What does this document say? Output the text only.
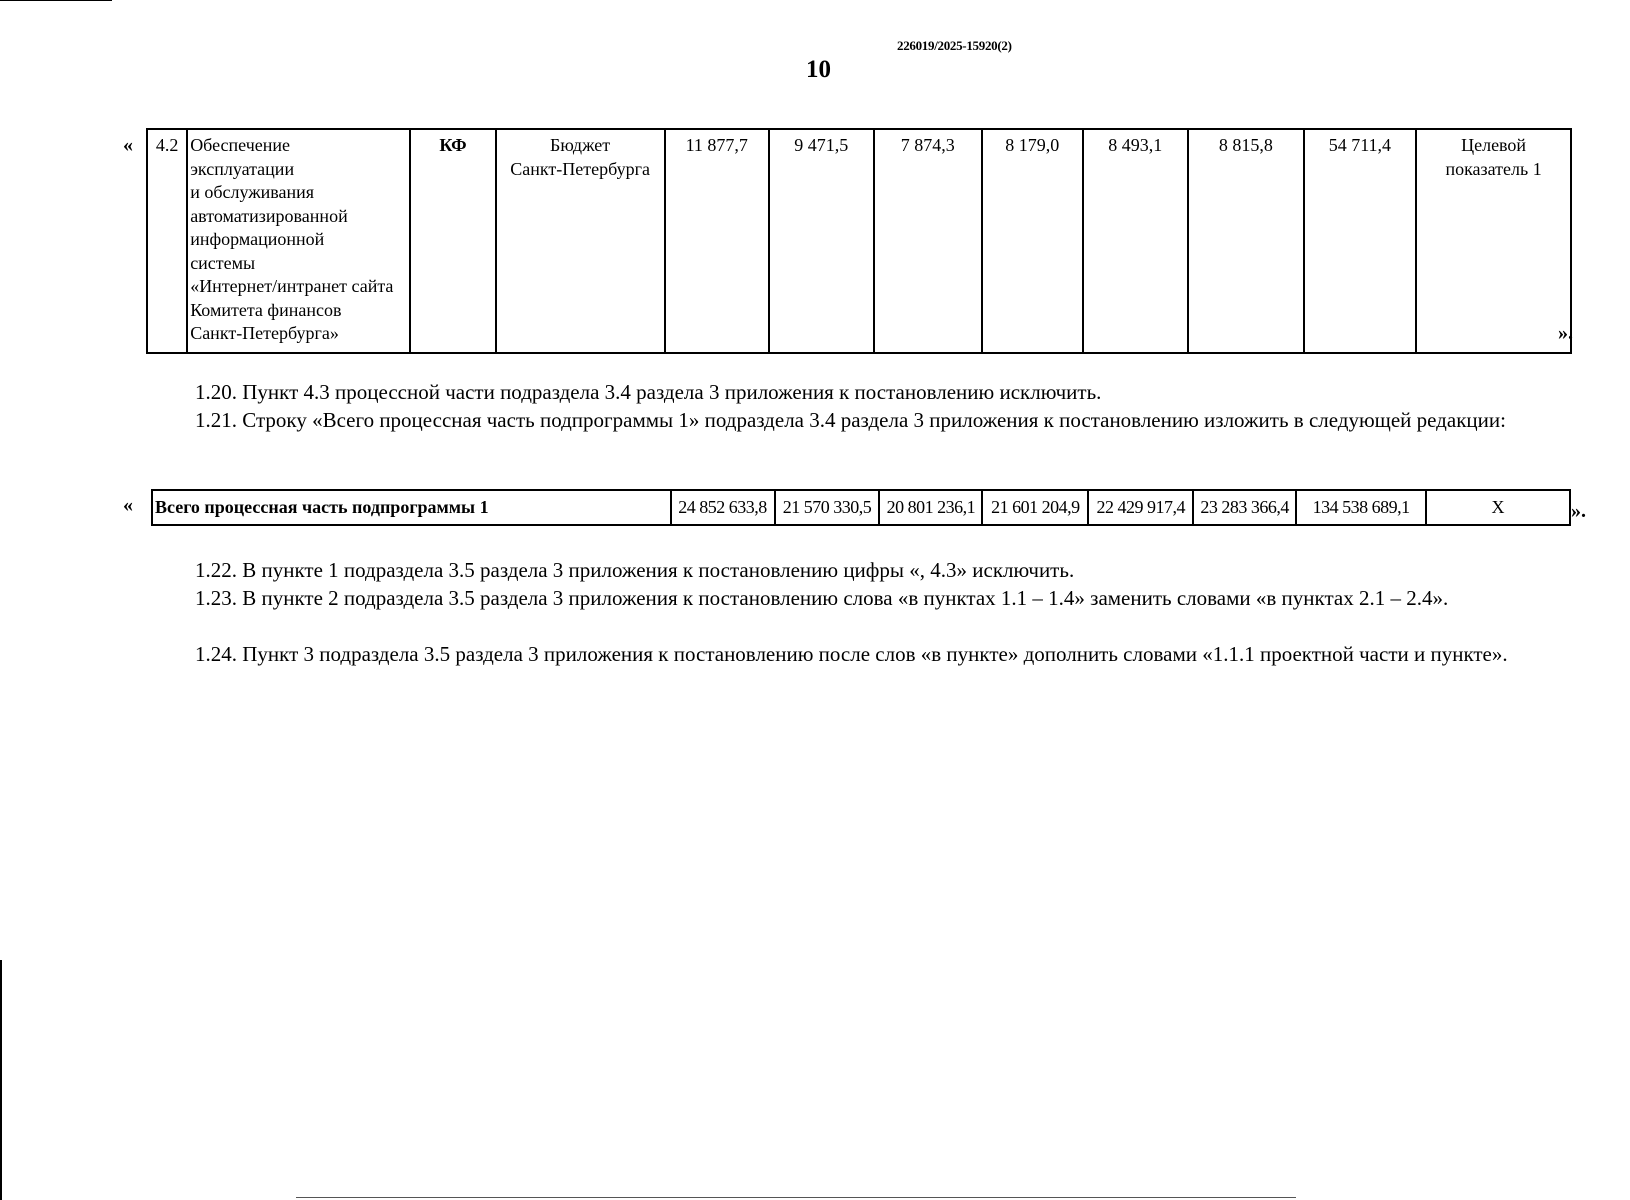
226019/2025-15920(2)
10
« 4.2	Обеспечение
эксплуатации
и обслуживания
автоматизированной
информационной
системы
«Интернет/интранет сайта
Комитета финансов
Санкт-Петербурга»
	КФ	Бюджет
Санкт-Петербурга
	11 877,7	9 471,5	7 874,3	8 179,0	8 493,1	8 815,8	54 711,4	Целевой
показатель 1
».
1.20. Пункт 4.3 процессной части подраздела 3.4 раздела 3 приложения к постановлению исключить.
1.21. Строку «Всего процессная часть подпрограммы 1» подраздела 3.4 раздела 3 приложения к постановлению изложить в следующей редакции:
« Всего процессная часть подпрограммы 1	24 852 633,8	21 570 330,5	20 801 236,1	21 601 204,9	22 429 917,4	23 283 366,4	134 538 689,1	Х	».
1.22. В пункте 1 подраздела 3.5 раздела 3 приложения к постановлению цифры «, 4.3» исключить.
1.23. В пункте 2 подраздела 3.5 раздела 3 приложения к постановлению слова «в пунктах 1.1 – 1.4» заменить словами «в пунктах 2.1 – 2.4».
1.24. Пункт 3 подраздела 3.5 раздела 3 приложения к постановлению после слов «в пункте» дополнить словами «1.1.1 проектной части и пункте».
